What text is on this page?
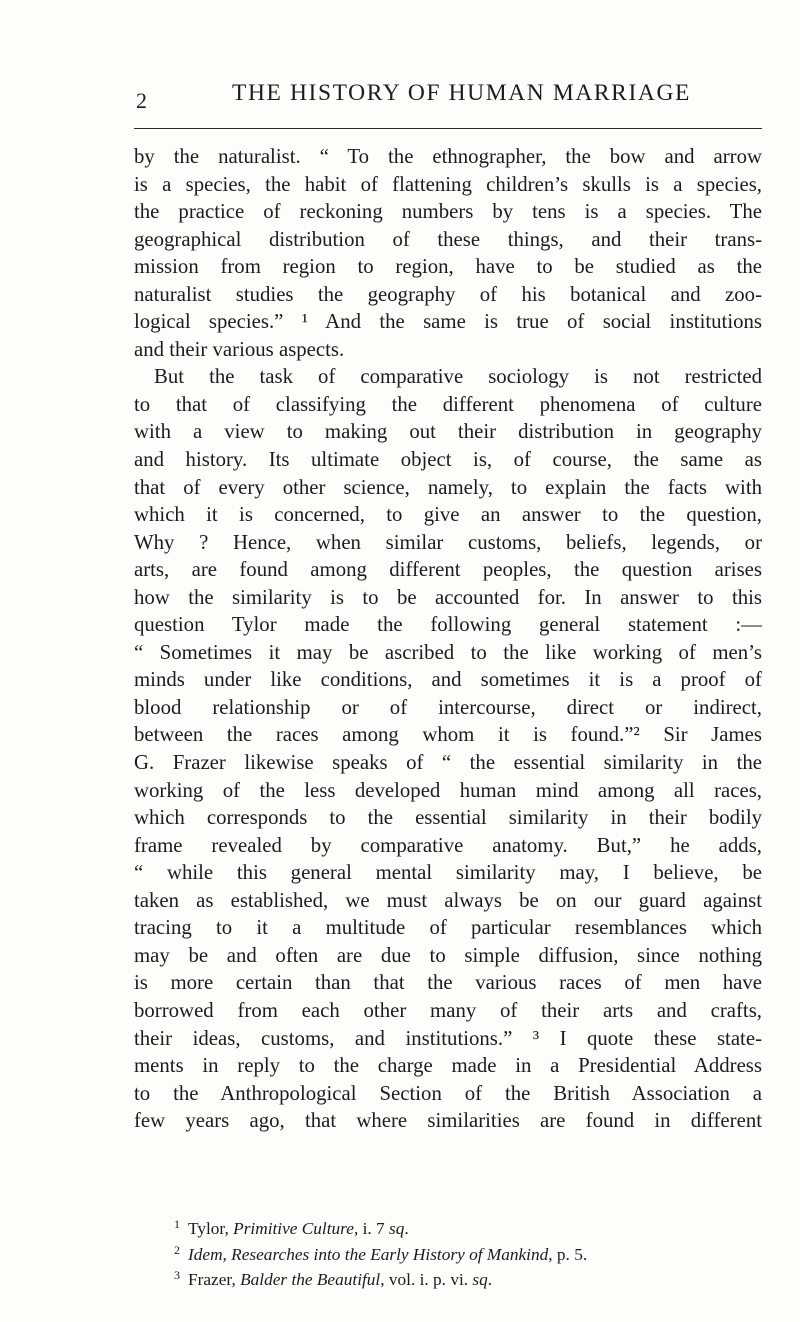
2	THE HISTORY OF HUMAN MARRIAGE
by the naturalist. “ To the ethnographer, the bow and arrow
is a species, the habit of flattening children’s skulls is a species,
the practice of reckoning numbers by tens is a species. The
geographical distribution of these things, and their trans-
mission from region to region, have to be studied as the
naturalist studies the geography of his botanical and zoo-
logical species.” ¹ And the same is true of social institutions
and their various aspects.
But the task of comparative sociology is not restricted
to that of classifying the different phenomena of culture
with a view to making out their distribution in geography
and history. Its ultimate object is, of course, the same as
that of every other science, namely, to explain the facts with
which it is concerned, to give an answer to the question,
Why ? Hence, when similar customs, beliefs, legends, or
arts, are found among different peoples, the question arises
how the similarity is to be accounted for. In answer to this
question Tylor made the following general statement :—
“ Sometimes it may be ascribed to the like working of men’s
minds under like conditions, and sometimes it is a proof of
blood relationship or of intercourse, direct or indirect,
between the races among whom it is found.”² Sir James
G. Frazer likewise speaks of “ the essential similarity in the
working of the less developed human mind among all races,
which corresponds to the essential similarity in their bodily
frame revealed by comparative anatomy. But,” he adds,
“ while this general mental similarity may, I believe, be
taken as established, we must always be on our guard against
tracing to it a multitude of particular resemblances which
may be and often are due to simple diffusion, since nothing
is more certain than that the various races of men have
borrowed from each other many of their arts and crafts,
their ideas, customs, and institutions.” ³ I quote these state-
ments in reply to the charge made in a Presidential Address
to the Anthropological Section of the British Association a
few years ago, that where similarities are found in different
$^1$ Tylor, Primitive Culture, i. 7 sq.
$^2$ Idem, Researches into the Early History of Mankind, p. 5.
$^3$ Frazer, Balder the Beautiful, vol. i. p. vi. sq.
